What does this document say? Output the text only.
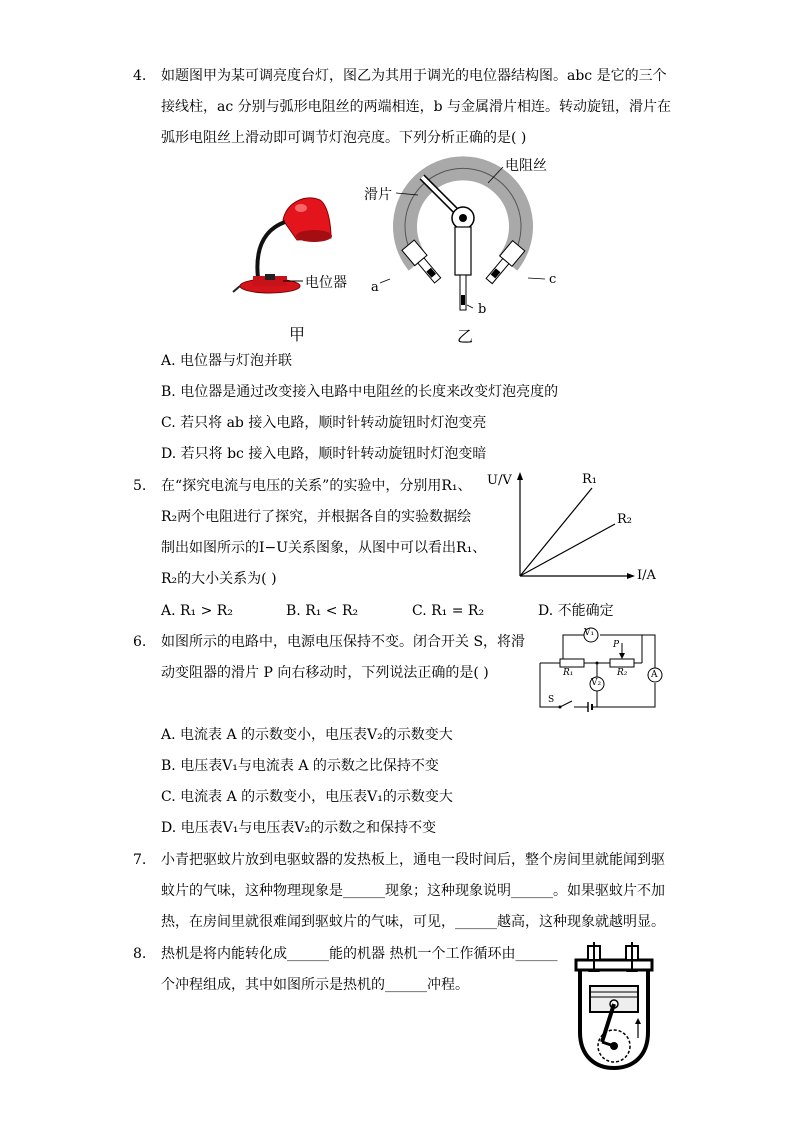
4. 如题图甲为某可调亮度台灯，图乙为其用于调光的电位器结构图。abc 是它的三个
接线柱，ac 分别与弧形电阻丝的两端相连，b 与金属滑片相连。转动旋钮，滑片在
弧形电阻丝上滑动即可调节灯泡亮度。下列分析正确的是( )
电位器
甲
滑片
电阻丝
a
b
c
乙
A. 电位器与灯泡并联
B. 电位器是通过改变接入电路中电阻丝的长度来改变灯泡亮度的
C. 若只将 ab 接入电路，顺时针转动旋钮时灯泡变亮
D. 若只将 bc 接入电路，顺时针转动旋钮时灯泡变暗
5. 在“探究电流与电压的关系”的实验中，分别用R₁、
R₂两个电阻进行了探究，并根据各自的实验数据绘
制出如图所示的I−U关系图象，从图中可以看出R₁、
R₂的大小关系为( )
U/V
I/A
R₁
R₂
A. R₁ > R₂	B. R₁ < R₂	C. R₁ = R₂	D. 不能确定
6. 如图所示的电路中，电源电压保持不变。闭合开关 S，将滑
动变阻器的滑片 P 向右移动时，下列说法正确的是( )
V₁
V₂
A
R₁	R₂
P
S
A. 电流表 A 的示数变小，电压表V₂的示数变大
B. 电压表V₁与电流表 A 的示数之比保持不变
C. 电流表 A 的示数变小，电压表V₁的示数变大
D. 电压表V₁与电压表V₂的示数之和保持不变
7. 小青把驱蚊片放到电驱蚊器的发热板上，通电一段时间后，整个房间里就能闻到驱
蚊片的气味，这种物理现象是______现象；这种现象说明______。如果驱蚊片不加
热，在房间里就很难闻到驱蚊片的气味，可见，______越高，这种现象就越明显。
8. 热机是将内能转化成______能的机器 热机一个工作循环由______
个冲程组成，其中如图所示是热机的______冲程。
